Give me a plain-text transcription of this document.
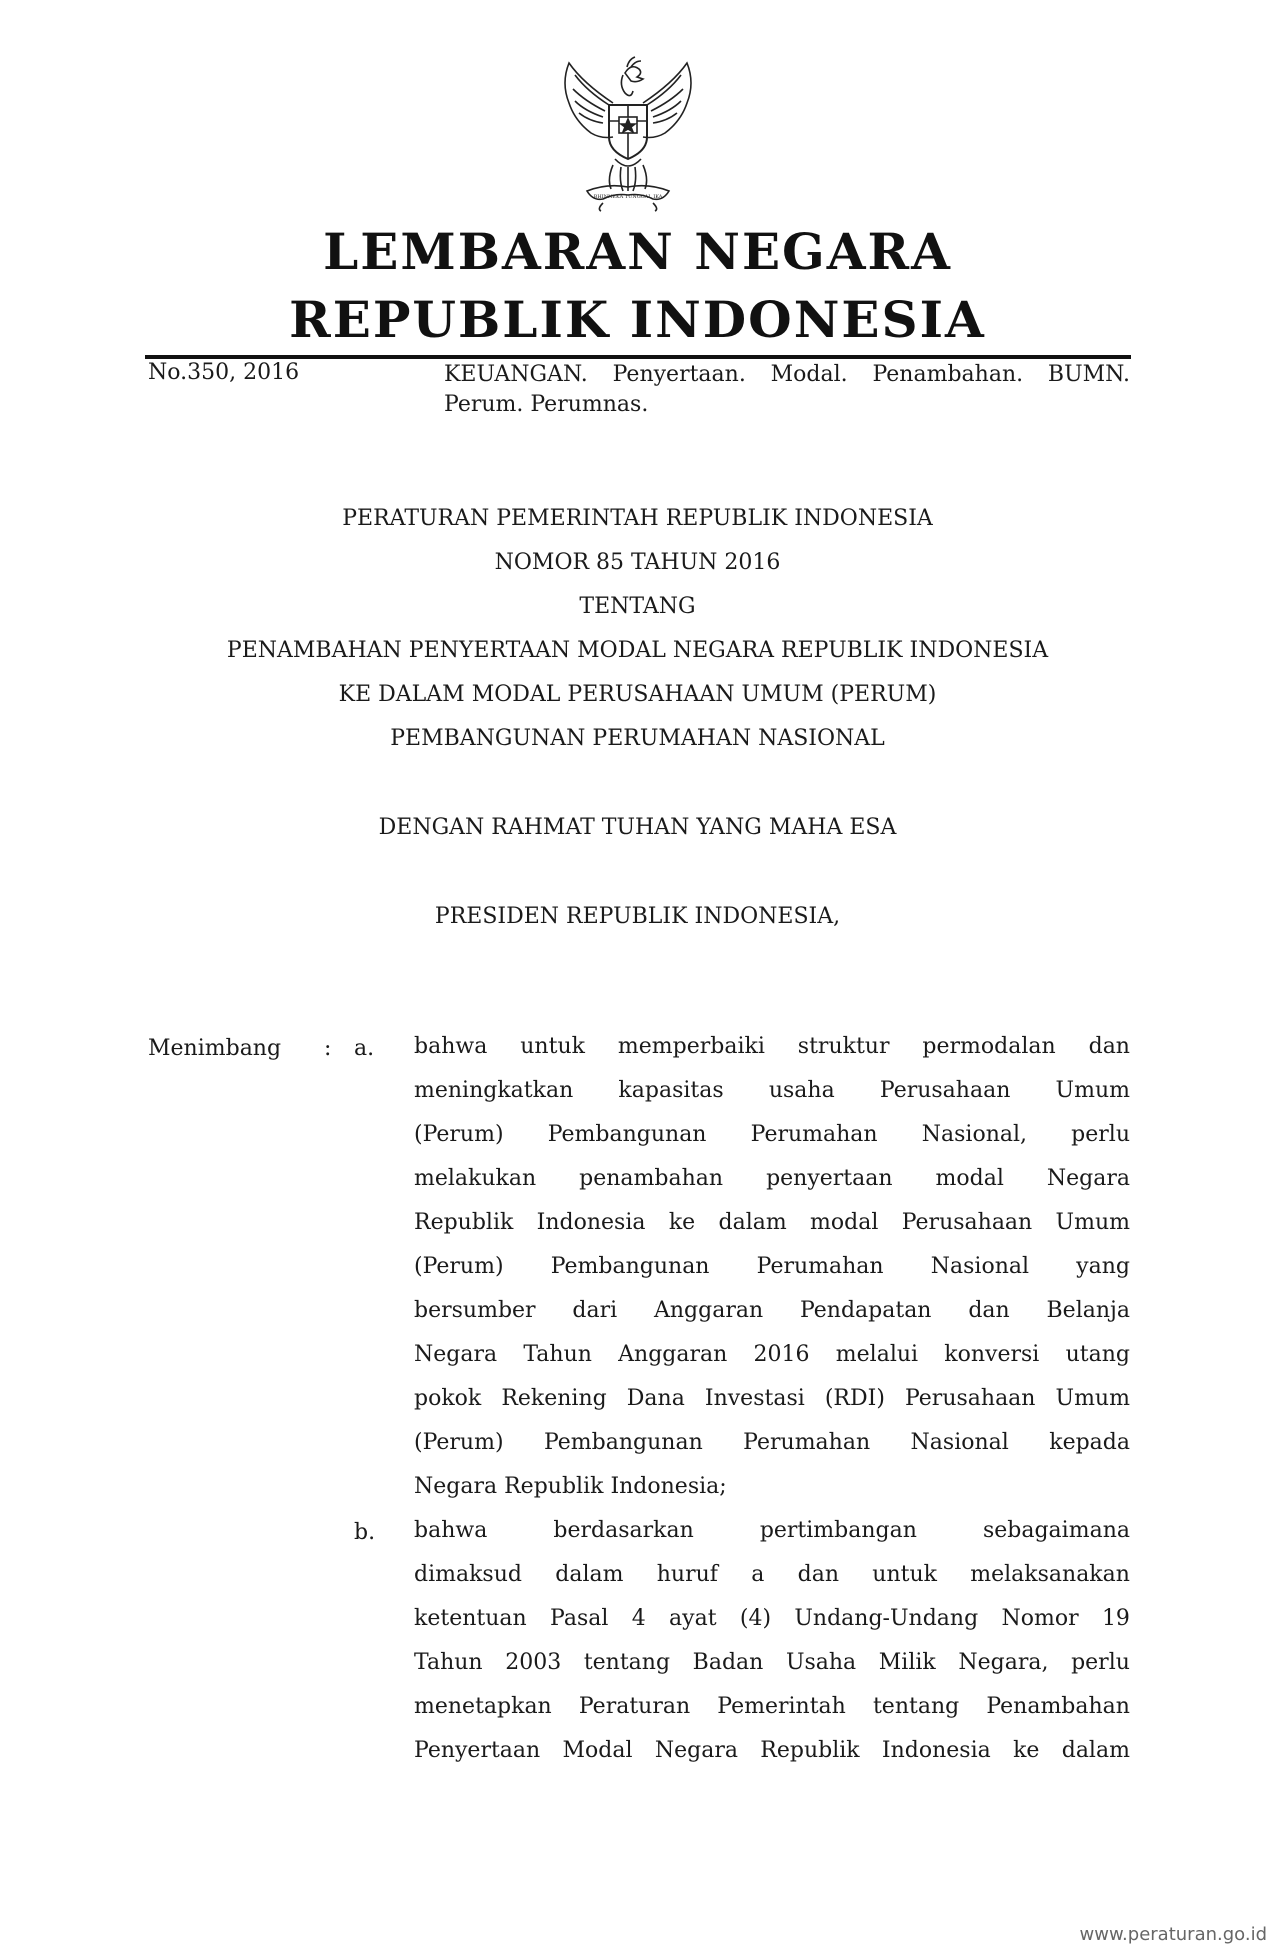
BHINNEKA TUNGGAL IKA
LEMBARAN NEGARA
REPUBLIK INDONESIA
No.350, 2016	KEUANGAN. Penyertaan. Modal. Penambahan. BUMN.
Perum. Perumnas.
PERATURAN PEMERINTAH REPUBLIK INDONESIA
NOMOR 85 TAHUN 2016
TENTANG
PENAMBAHAN PENYERTAAN MODAL NEGARA REPUBLIK INDONESIA
KE DALAM MODAL PERUSAHAAN UMUM (PERUM)
PEMBANGUNAN PERUMAHAN NASIONAL
DENGAN RAHMAT TUHAN YANG MAHA ESA
PRESIDEN REPUBLIK INDONESIA,
Menimbang : a. bahwa untuk memperbaiki struktur permodalan dan
meningkatkan kapasitas usaha Perusahaan Umum
(Perum) Pembangunan Perumahan Nasional, perlu
melakukan penambahan penyertaan modal Negara
Republik Indonesia ke dalam modal Perusahaan Umum
(Perum) Pembangunan Perumahan Nasional yang
bersumber dari Anggaran Pendapatan dan Belanja
Negara Tahun Anggaran 2016 melalui konversi utang
pokok Rekening Dana Investasi (RDI) Perusahaan Umum
(Perum) Pembangunan Perumahan Nasional kepada
Negara Republik Indonesia;
b. bahwa	berdasarkan	pertimbangan	sebagaimana
dimaksud dalam huruf a dan untuk melaksanakan
ketentuan Pasal 4 ayat (4) Undang-Undang Nomor 19
Tahun 2003 tentang Badan Usaha Milik Negara, perlu
menetapkan Peraturan Pemerintah tentang Penambahan
Penyertaan Modal Negara Republik Indonesia ke dalam
www.peraturan.go.id
